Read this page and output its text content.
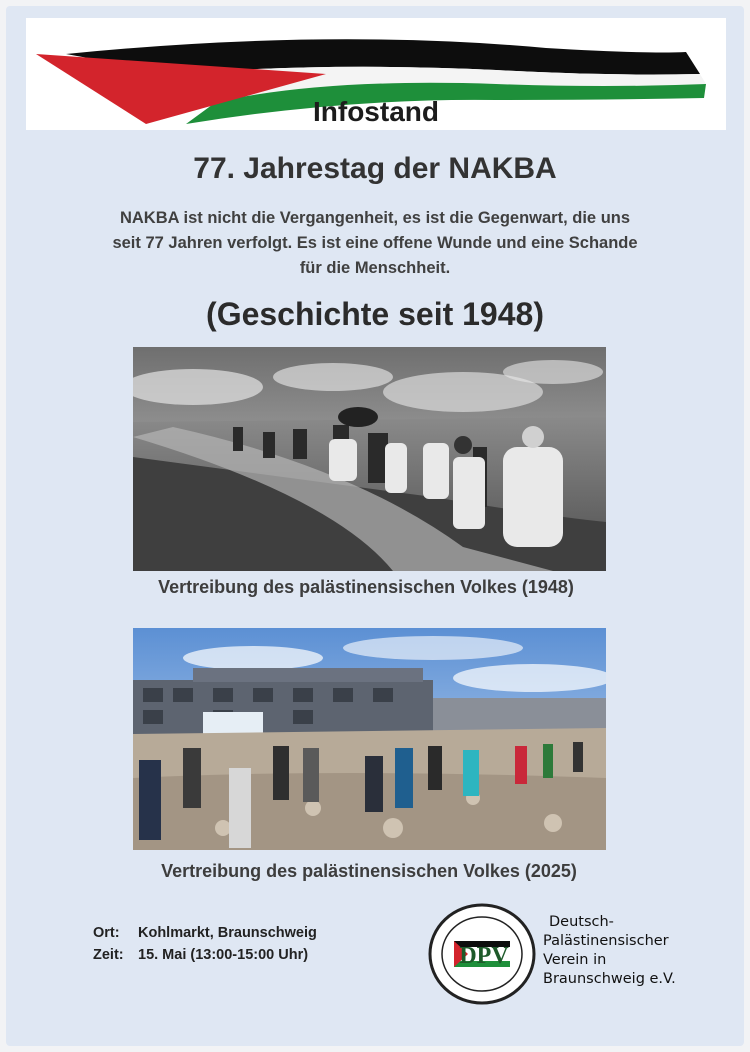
Infostand
77. Jahrestag der NAKBA
NAKBA ist nicht die Vergangenheit, es ist die Gegenwart, die uns
seit 77 Jahren verfolgt. Es ist eine offene Wunde und eine Schande
für die Menschheit.
(Geschichte seit 1948)
Vertreibung des palästinensischen Volkes (1948)
Vertreibung des palästinensischen Volkes (2025)
Ort: Kohlmarkt, Braunschweig
Zeit: 15. Mai (13:00-15:00 Uhr)	DPV
Deutsch-
Palästinensischer
Verein in
Braunschweig e.V.
